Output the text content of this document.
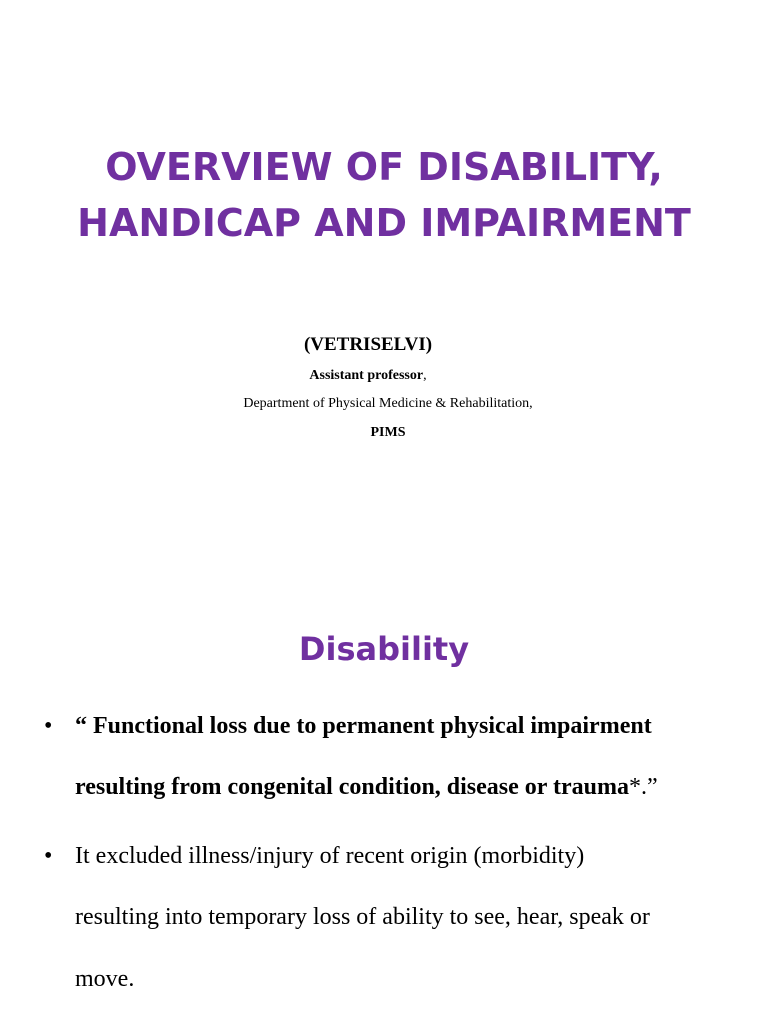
OVERVIEW OF DISABILITY,
HANDICAP AND IMPAIRMENT
(VETRISELVI)
Assistant professor,
Department of Physical Medicine & Rehabilitation,
PIMS
Disability
• “ Functional loss due to permanent physical impairment
resulting from congenital condition, disease or trauma*.”
• It excluded illness/injury of recent origin (morbidity)
resulting into temporary loss of ability to see, hear, speak or
move.
